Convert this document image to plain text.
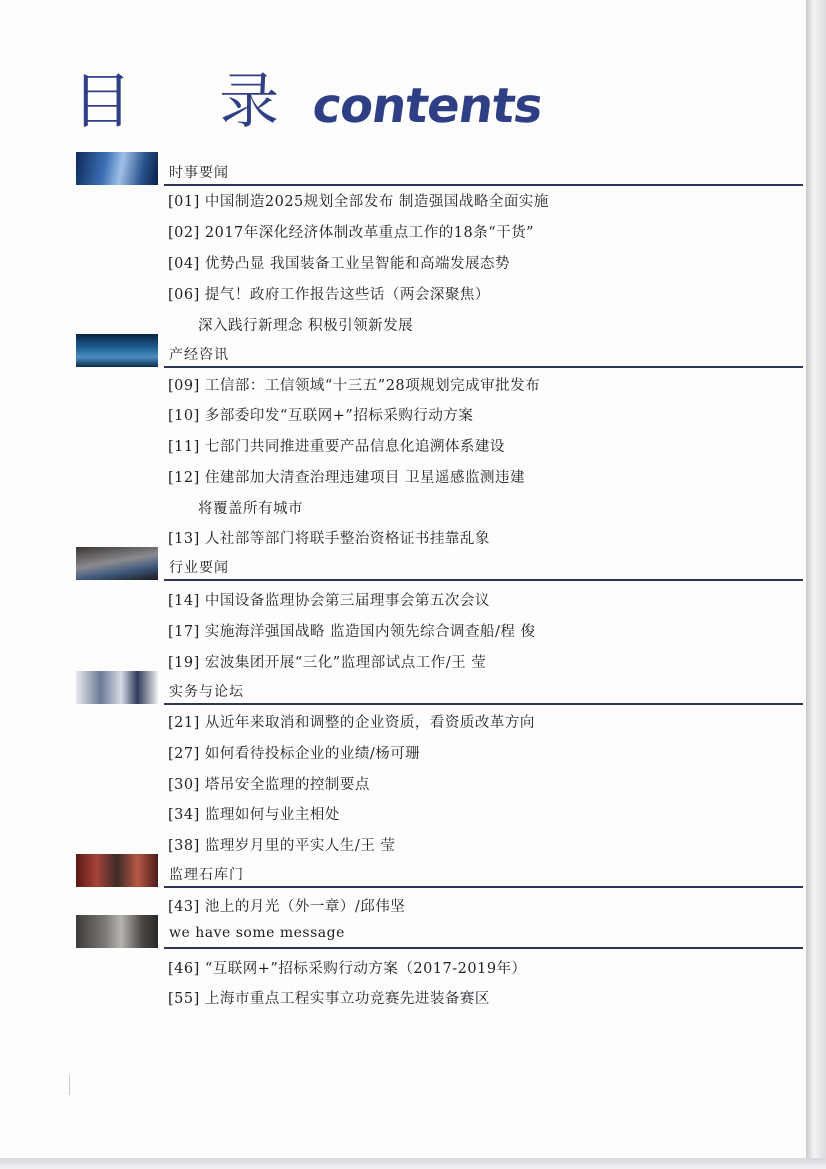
目 录
contents
时事要闻
[01] 中国制造2025规划全部发布 制造强国战略全面实施
[02] 2017年深化经济体制改革重点工作的18条“干货”
[04] 优势凸显 我国装备工业呈智能和高端发展态势
[06] 提气！政府工作报告这些话（两会深聚焦）
深入践行新理念 积极引领新发展
产经咨讯
[09] 工信部：工信领域“十三五”28项规划完成审批发布
[10] 多部委印发“互联网+”招标采购行动方案
[11] 七部门共同推进重要产品信息化追溯体系建设
[12] 住建部加大清查治理违建项目 卫星遥感监测违建
将覆盖所有城市
[13] 人社部等部门将联手整治资格证书挂靠乱象
行业要闻
[14] 中国设备监理协会第三届理事会第五次会议
[17] 实施海洋强国战略 监造国内领先综合调查船/程 俊
[19] 宏波集团开展“三化”监理部试点工作/王 莹
实务与论坛
[21] 从近年来取消和调整的企业资质，看资质改革方向
[27] 如何看待投标企业的业绩/杨可珊
[30] 塔吊安全监理的控制要点
[34] 监理如何与业主相处
[38] 监理岁月里的平实人生/王 莹
监理石库门
[43] 池上的月光（外一章）/邱伟坚
we have some message
[46] “互联网+”招标采购行动方案（2017-2019年）
[55] 上海市重点工程实事立功竞赛先进装备赛区
